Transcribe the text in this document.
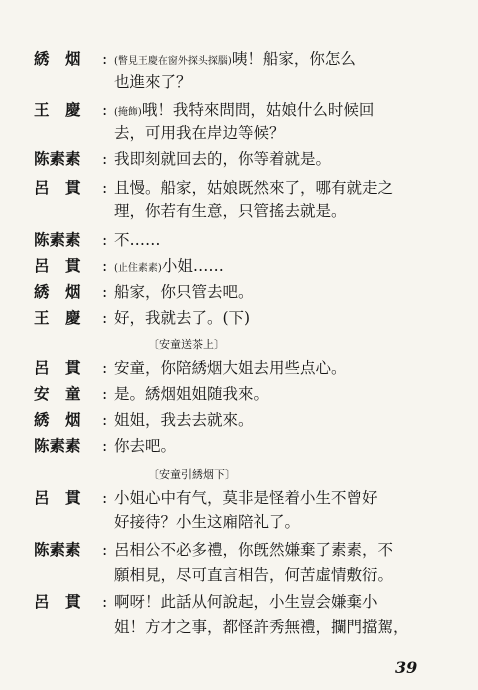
綉　烟	: (瞥見王慶在窗外探头探腦)咦！船家，你怎么
也進來了？
王　慶	: (掩飾)哦！我特來問問，姑娘什么时候回
去，可用我在岸边等候？
陈素素	: 我即刻就回去的，你等着就是。
呂　貫	: 且慢。船家，姑娘既然來了，哪有就走之
理，你若有生意，只管搖去就是。
陈素素	: 不……
呂　貫	: (止住素素)小姐……
綉　烟	: 船家，你只管去吧。
王　慶	: 好，我就去了。(下)
〔安童送茶上〕
呂　貫	: 安童，你陪綉烟大姐去用些点心。
安　童	: 是。綉烟姐姐随我來。
綉　烟	: 姐姐，我去去就來。
陈素素	: 你去吧。
〔安童引綉烟下〕
呂　貫	: 小姐心中有气，莫非是怪着小生不曾好
好接待？小生这廂陪礼了。
陈素素	: 呂相公不必多禮，你旣然嫌棄了素素，不
願相見，尽可直言相告，何苦虛情敷衍。
呂　貫	: 啊呀！此話从何說起，小生豈会嫌棄小
姐！方才之事，都怪許秀無禮，攔門擋駕，
39
